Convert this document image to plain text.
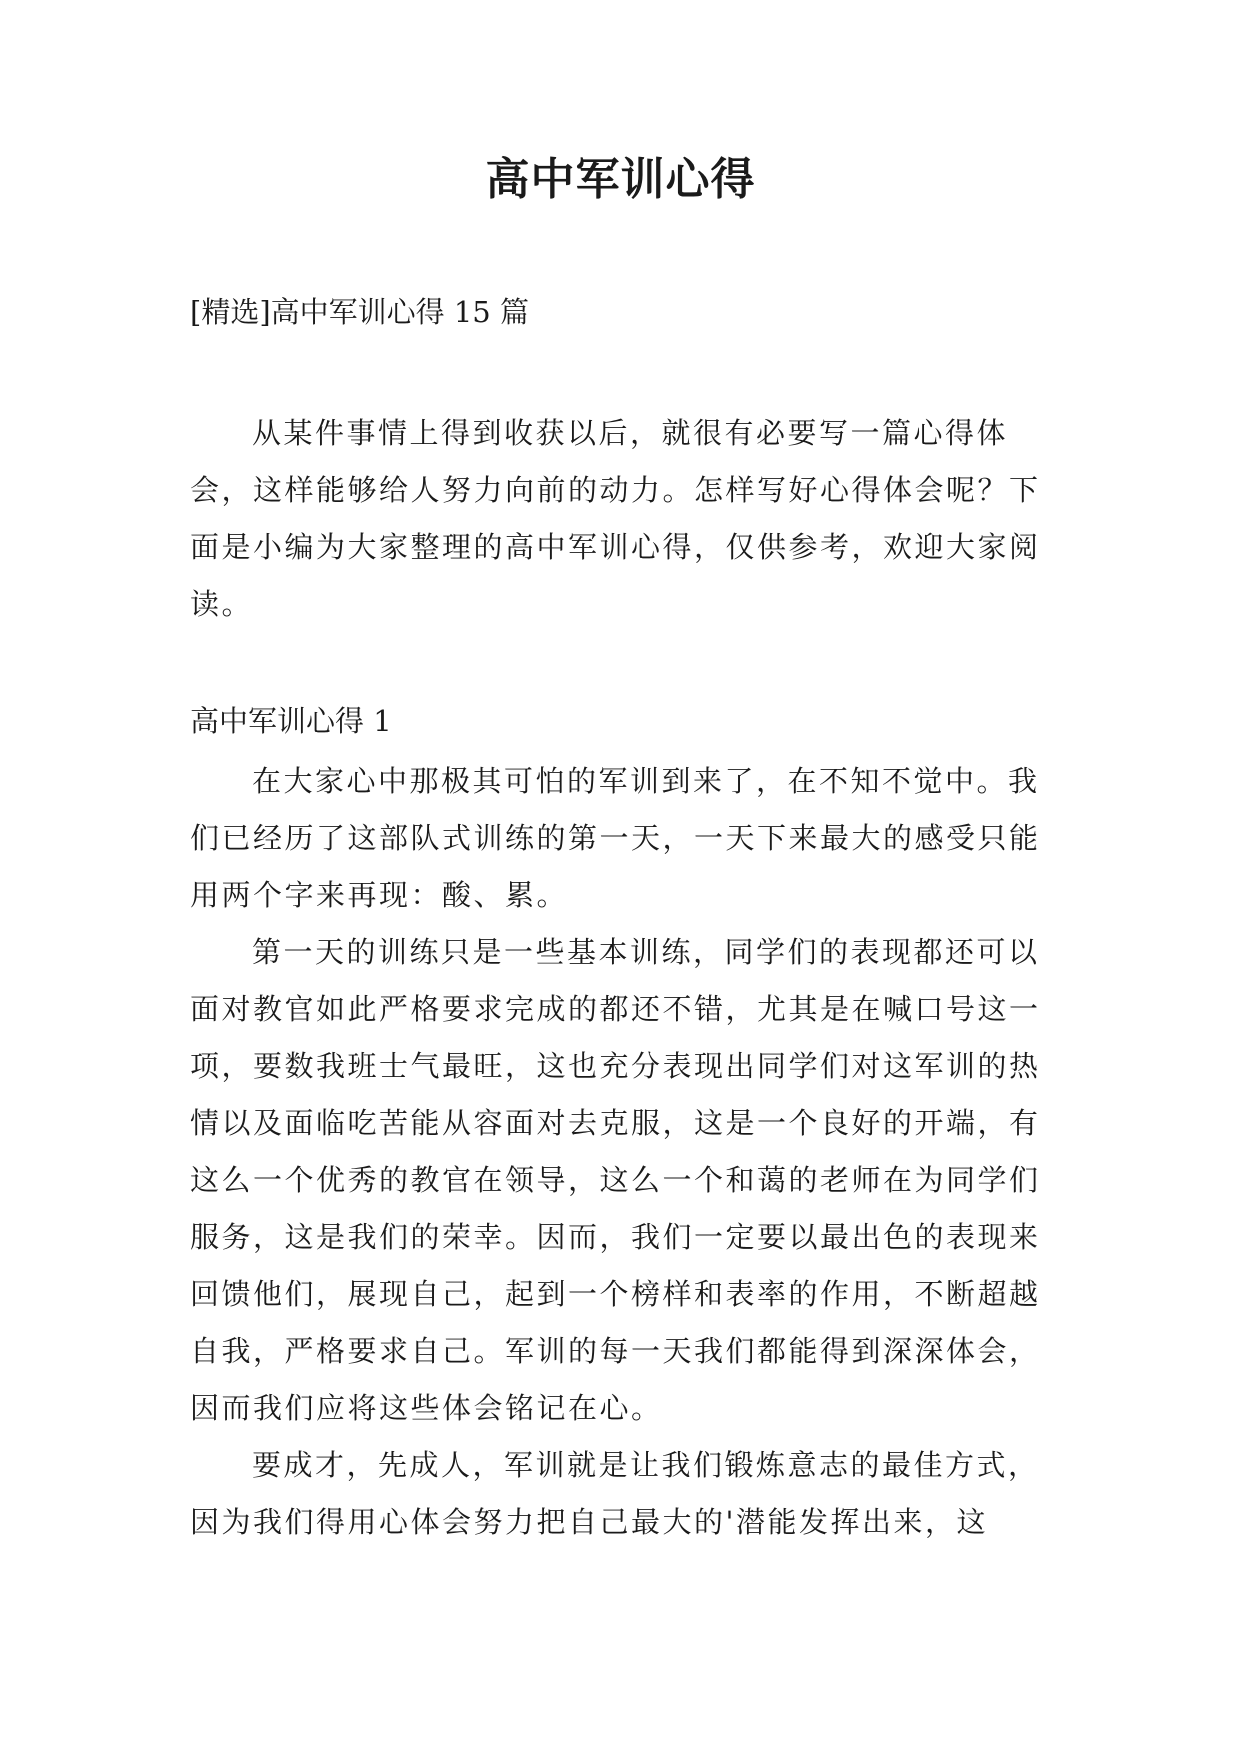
高中军训心得
[精选]高中军训心得 15 篇

从某件事情上得到收获以后，就很有必要写一篇心得体会，这样能够给人努力向前的动力。怎样写好心得体会呢？下面是小编为大家整理的高中军训心得，仅供参考，欢迎大家阅读。

高中军训心得 1

在大家心中那极其可怕的军训到来了，在不知不觉中。我们已经历了这部队式训练的第一天，一天下来最大的感受只能用两个字来再现：酸、累。

第一天的训练只是一些基本训练，同学们的表现都还可以面对教官如此严格要求完成的都还不错，尤其是在喊口号这一项，要数我班士气最旺，这也充分表现出同学们对这军训的热情以及面临吃苦能从容面对去克服，这是一个良好的开端，有这么一个优秀的教官在领导，这么一个和蔼的老师在为同学们服务，这是我们的荣幸。因而，我们一定要以最出色的表现来回馈他们，展现自己，起到一个榜样和表率的作用，不断超越自我，严格要求自己。军训的每一天我们都能得到深深体会，因而我们应将这些体会铭记在心。

要成才，先成人，军训就是让我们锻炼意志的最佳方式，因为我们得用心体会努力把自己最大的'潜能发挥出来，这
